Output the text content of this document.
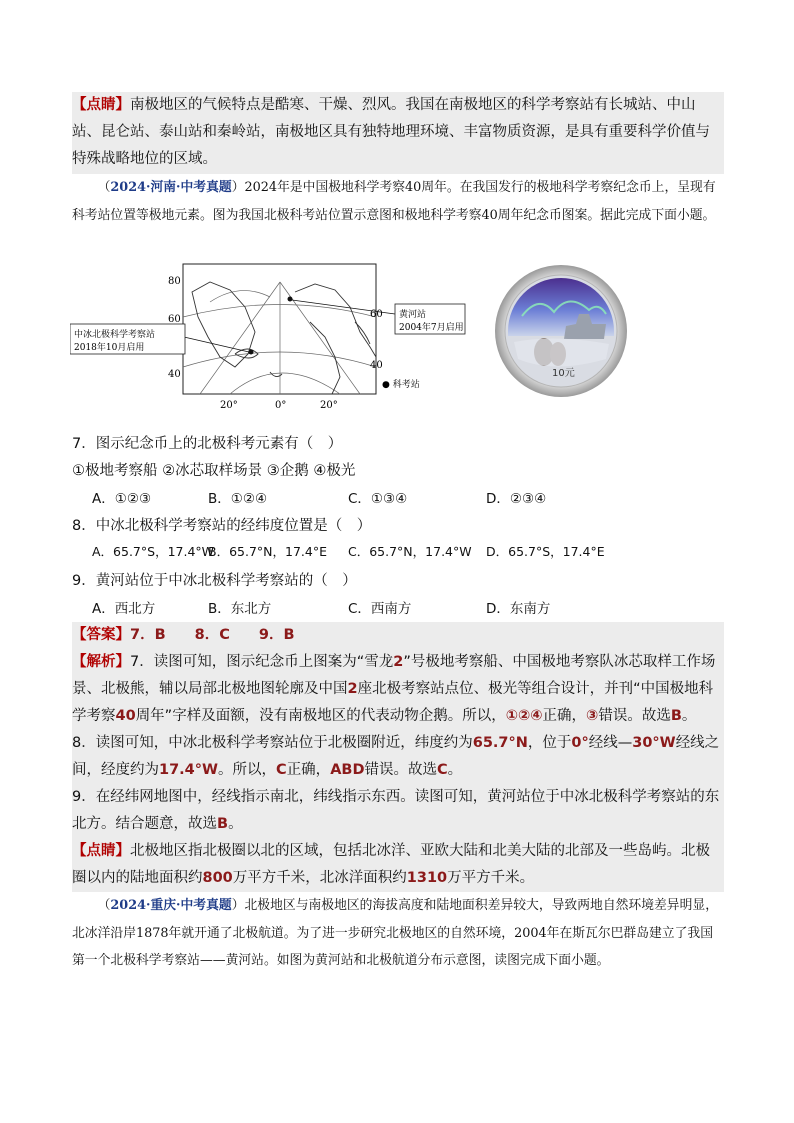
【点睛】南极地区的气候特点是酷寒、干燥、烈风。我国在南极地区的科学考察站有长城站、中山站、昆仑站、泰山站和秦岭站，南极地区具有独特地理环境、丰富物质资源，是具有重要科学价值与特殊战略地位的区域。
（2024·河南·中考真题）2024年是中国极地科学考察40周年。在我国发行的极地科学考察纪念币上，呈现有科考站位置等极地元素。图为我国北极科考站位置示意图和极地科学考察40周年纪念币图案。据此完成下面小题。
中冰北极科学考察站
2018年10月启用
黄河站
2004年7月启用
80
60
40
60
40
20°	0°	20°
● 科考站
10元
7．图示纪念币上的北极科考元素有（　）
①极地考察船 ②冰芯取样场景 ③企鹅 ④极光
A．①②③	B．①②④	C．①③④	D．②③④
8．中冰北极科学考察站的经纬度位置是（　）
A．65.7°S，17.4°W
B．65.7°N，17.4°E C．65.7°N，17.4°W D．65.7°S，17.4°E
9．黄河站位于中冰北极科学考察站的（　）
A．西北方	B．东北方	C．西南方	D．东南方
【答案】7．B　　8．C　　9．B
【解析】7．读图可知，图示纪念币上图案为“雪龙2”号极地考察船、中国极地考察队冰芯取样工作场景、北极熊，辅以局部北极地图轮廓及中国2座北极考察站点位、极光等组合设计，并刊“中国极地科学考察40周年”字样及面额，没有南极地区的代表动物企鹅。所以，①②④正确，③错误。故选B。
8．读图可知，中冰北极科学考察站位于北极圈附近，纬度约为65.7°N，位于0°经线—30°W经线之间，经度约为17.4°W。所以，C正确，ABD错误。故选C。
9．在经纬网地图中，经线指示南北，纬线指示东西。读图可知，黄河站位于中冰北极科学考察站的东北方。结合题意，故选B。
【点睛】北极地区指北极圈以北的区域，包括北冰洋、亚欧大陆和北美大陆的北部及一些岛屿。北极圈以内的陆地面积约800万平方千米，北冰洋面积约1310万平方千米。
（2024·重庆·中考真题）北极地区与南极地区的海拔高度和陆地面积差异较大，导致两地自然环境差异明显，北冰洋沿岸1878年就开通了北极航道。为了进一步研究北极地区的自然环境，2004年在斯瓦尔巴群岛建立了我国第一个北极科学考察站——黄河站。如图为黄河站和北极航道分布示意图，读图完成下面小题。
